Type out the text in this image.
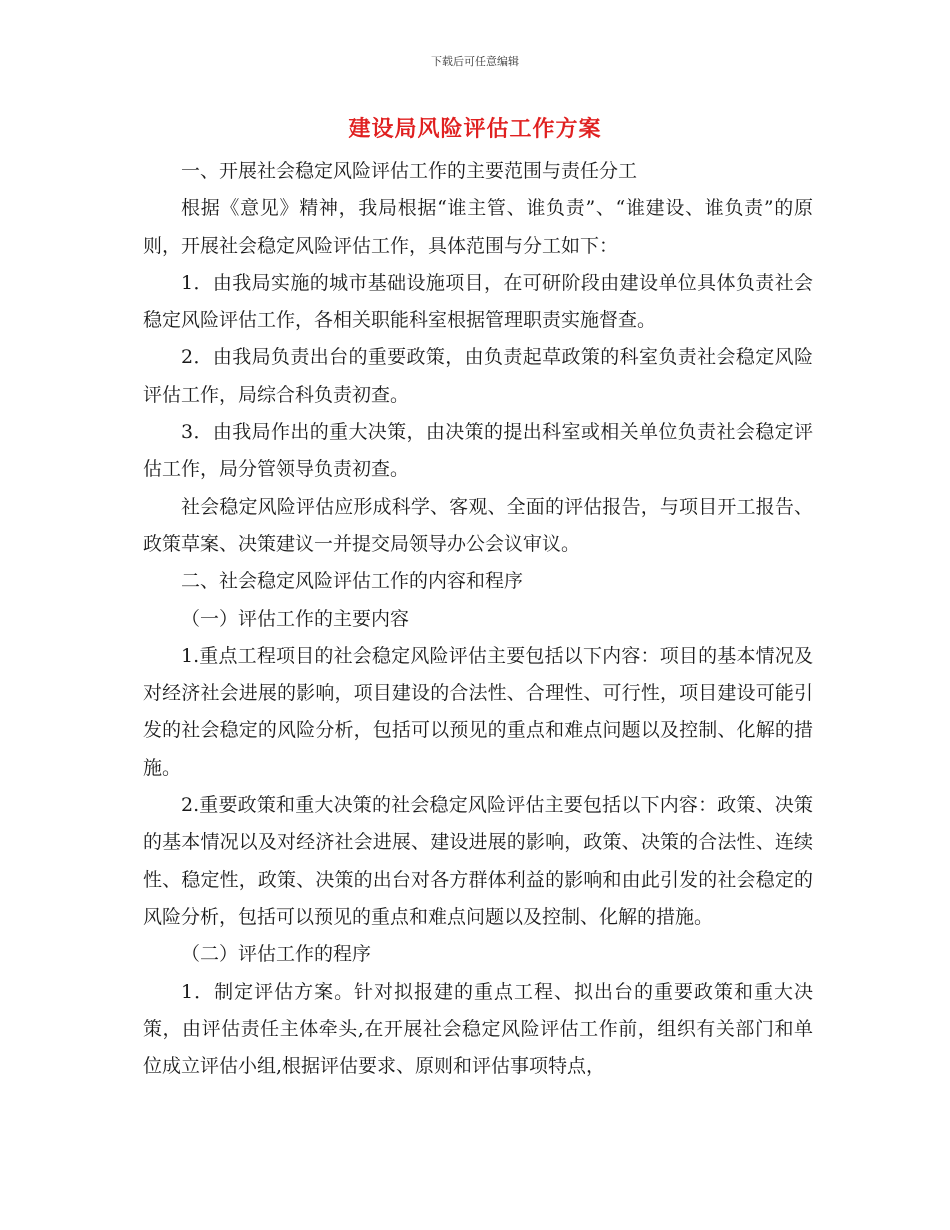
下载后可任意编辑
建设局风险评估工作方案

一、开展社会稳定风险评估工作的主要范围与责任分工

根据《意见》精神，我局根据“谁主管、谁负责”、“谁建设、谁负责”的原则，开展社会稳定风险评估工作，具体范围与分工如下：

1．由我局实施的城市基础设施项目，在可研阶段由建设单位具体负责社会稳定风险评估工作，各相关职能科室根据管理职责实施督查。

2．由我局负责出台的重要政策，由负责起草政策的科室负责社会稳定风险评估工作，局综合科负责初查。

3．由我局作出的重大决策，由决策的提出科室或相关单位负责社会稳定评估工作，局分管领导负责初查。

社会稳定风险评估应形成科学、客观、全面的评估报告，与项目开工报告、政策草案、决策建议一并提交局领导办公会议审议。

二、社会稳定风险评估工作的内容和程序

（一）评估工作的主要内容

1.重点工程项目的社会稳定风险评估主要包括以下内容：项目的基本情况及对经济社会进展的影响，项目建设的合法性、合理性、可行性，项目建设可能引发的社会稳定的风险分析，包括可以预见的重点和难点问题以及控制、化解的措施。

2.重要政策和重大决策的社会稳定风险评估主要包括以下内容：政策、决策的基本情况以及对经济社会进展、建设进展的影响，政策、决策的合法性、连续性、稳定性，政策、决策的出台对各方群体利益的影响和由此引发的社会稳定的风险分析，包括可以预见的重点和难点问题以及控制、化解的措施。

（二）评估工作的程序

1．制定评估方案。针对拟报建的重点工程、拟出台的重要政策和重大决策，由评估责任主体牵头,在开展社会稳定风险评估工作前，组织有关部门和单位成立评估小组,根据评估要求、原则和评估事项特点，
